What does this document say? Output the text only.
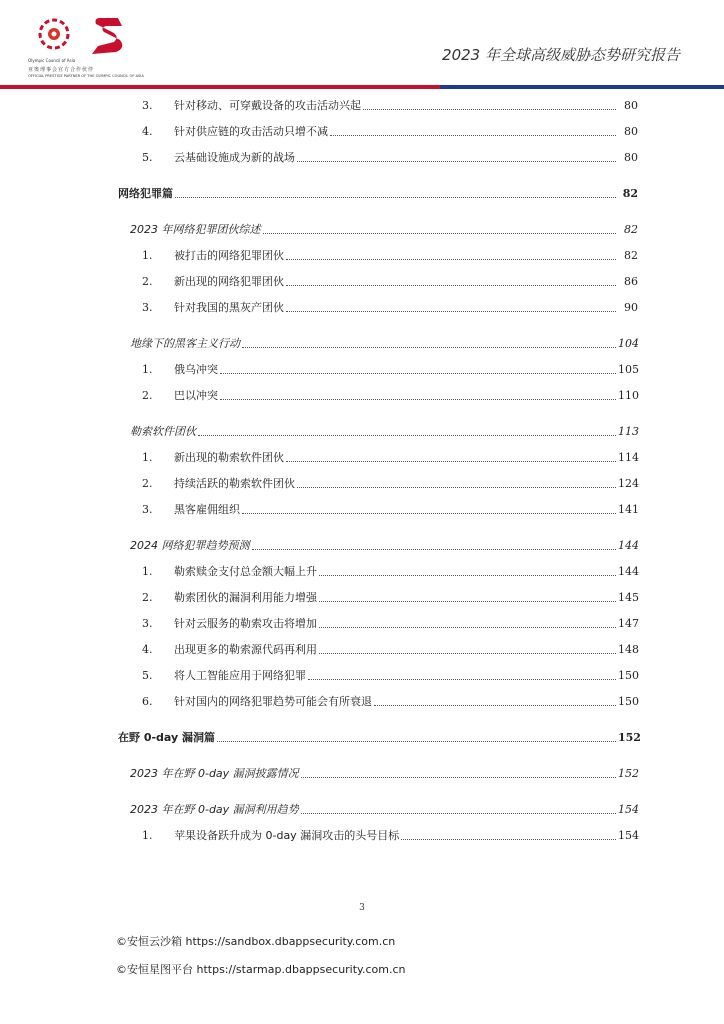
Olympic Council of Asia
亚奥理事会官方合作伙伴
OFFICIAL PRESTIGE PARTNER OF THE OLYMPIC COUNCIL OF ASIA
2023 年全球高级威胁态势研究报告
3.	针对移动、可穿戴设备的攻击活动兴起	80
4.	针对供应链的攻击活动只增不减	80
5.	云基础设施成为新的战场	80
网络犯罪篇	82
2023 年网络犯罪团伙综述	82
1.	被打击的网络犯罪团伙	82
2.	新出现的网络犯罪团伙	86
3.	针对我国的黑灰产团伙	90
地缘下的黑客主义行动	104
1.	俄乌冲突	105
2.	巴以冲突	110
勒索软件团伙	113
1.	新出现的勒索软件团伙	114
2.	持续活跃的勒索软件团伙	124
3.	黑客雇佣组织	141
2024 网络犯罪趋势预测	144
1.	勒索赎金支付总金额大幅上升	144
2.	勒索团伙的漏洞利用能力增强	145
3.	针对云服务的勒索攻击将增加	147
4.	出现更多的勒索源代码再利用	148
5.	将人工智能应用于网络犯罪	150
6.	针对国内的网络犯罪趋势可能会有所衰退	150
在野 0-day 漏洞篇	152
2023 年在野 0-day 漏洞披露情况	152
2023 年在野 0-day 漏洞利用趋势	154
1.	苹果设备跃升成为 0-day 漏洞攻击的头号目标	154
3
©安恒云沙箱 https://sandbox.dbappsecurity.com.cn
©安恒星图平台 https://starmap.dbappsecurity.com.cn
